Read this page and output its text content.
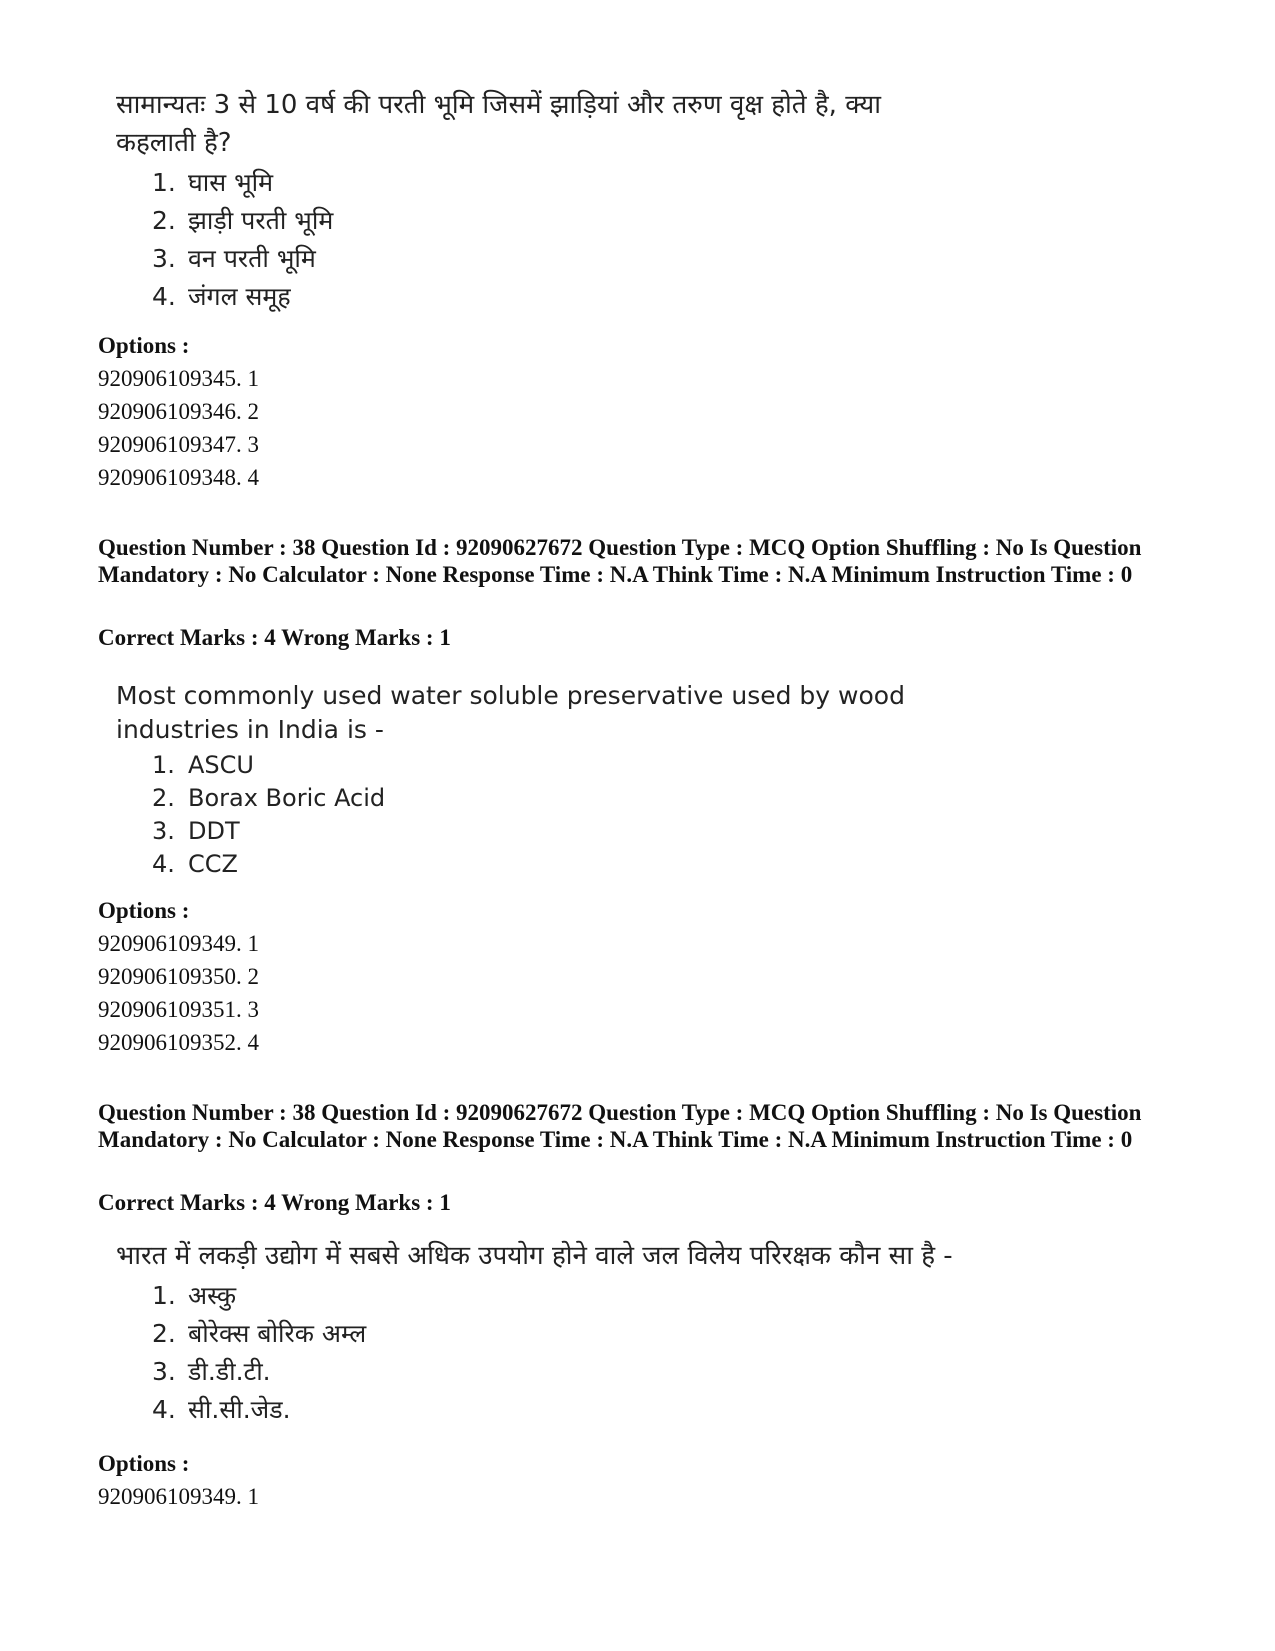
सामान्यतः 3 से 10 वर्ष की परती भूमि जिसमें झाड़ियां और तरुण वृक्ष होते है, क्या कहलाती है?
1. घास भूमि
2. झाड़ी परती भूमि
3. वन परती भूमि
4. जंगल समूह
Options :
920906109345. 1
920906109346. 2
920906109347. 3
920906109348. 4
Question Number : 38 Question Id : 92090627672 Question Type : MCQ Option Shuffling : No Is Question Mandatory : No Calculator : None Response Time : N.A Think Time : N.A Minimum Instruction Time : 0
Correct Marks : 4 Wrong Marks : 1
Most commonly used water soluble preservative used by wood industries in India is -
1. ASCU
2. Borax Boric Acid
3. DDT
4. CCZ
Options :
920906109349. 1
920906109350. 2
920906109351. 3
920906109352. 4
Question Number : 38 Question Id : 92090627672 Question Type : MCQ Option Shuffling : No Is Question Mandatory : No Calculator : None Response Time : N.A Think Time : N.A Minimum Instruction Time : 0
Correct Marks : 4 Wrong Marks : 1
भारत में लकड़ी उद्योग में सबसे अधिक उपयोग होने वाले जल विलेय परिरक्षक कौन सा है -
1. अस्कु
2. बोरेक्स बोरिक अम्ल
3. डी.डी.टी.
4. सी.सी.जेड.
Options :
920906109349. 1
